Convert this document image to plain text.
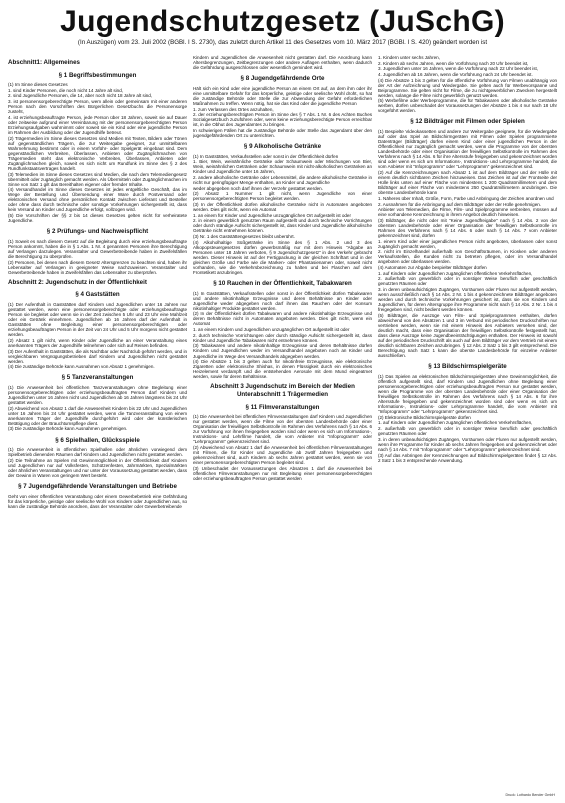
Jugendschutzgesetz (JuSchG)
(In Auszügen) vom 23. Juli 2002 (BGBl. I S. 2730), das zuletzt durch Artikel 11 des Gesetzes vom 10. März 2017 (BGBl. I S. 420) geändert worden ist
Abschnitt1: Allgemeines
§ 1 Begriffsbestimmungen

(1) Im Sinne dieses Gesetzes

1. sind Kinder Personen, die noch nicht 14 Jahre alt sind,

2. sind Jugendliche Personen, die 14, aber noch nicht 18 Jahre alt sind,

3. ist personensorgeberechtigte Person, wem allein oder gemeinsam mit einer anderen Person nach den Vorschriften des Bürgerlichen Gesetzbuchs die Personensorge zusteht,

4. ist erziehungsbeauftragte Person, jede Person über 18 Jahren, soweit sie auf Dauer oder zeitweise aufgrund einer Vereinbarung mit der personensorgeberechtigten Person Erziehungsaufgaben wahrnimmt oder soweit sie ein Kind oder eine jugendliche Person im Rahmen der Ausbildung oder der Jugendhilfe betreut.

(2) Trägermedien im Sinne dieses Gesetzes sind Medien mit Texten, Bildern oder Tönen auf gegenständlichen Trägern, die zur Weitergabe geeignet, zur unmittelbaren Wahrnehmung bestimmt oder in einem Vorführ- oder Spielgerät eingebaut sind. Dem gegenständlichen Verbreiten, Überlassen, Anbieten oder Zugänglichmachen von Trägermedien steht das elektronische Verbreiten, Überlassen, Anbieten oder Zugänglichmachen gleich, soweit es sich nicht um Rundfunk im Sinne des § 2 des Rundfunkstaatsvertrages handelt.

(3) Telemedien im Sinne dieses Gesetzes sind Medien, die nach dem Telemediengesetz übermittelt oder zugänglich gemacht werden. Als Übermitteln oder Zugänglichmachen im Sinne von Satz 1 gilt das Bereithalten eigener oder fremder Inhalte.

(4) Versandhandel im Sinne dieses Gesetzes ist jedes entgeltliche Geschäft, das im Wege der Bestellung und Übersendung einer Ware durch Postversand oder elektronischen Versand ohne persönlichen Kontakt zwischen Lieferant und Besteller oder ohne dass durch technische oder sonstige Vorkehrungen sichergestellt ist, dass kein Versand an Kinder und Jugendliche erfolgt, vollzogen wird.

(5) Die Vorschriften der §§ 2 bis 14 dieses Gesetzes gelten nicht für verheiratete Jugendliche.

§ 2 Prüfungs- und Nachweispflicht

(1) Soweit es nach diesem Gesetz auf die Begleitung durch eine erziehungsbeauftragte Person ankommt, haben die in § 1 Abs. 1 Nr. 4 genannten Personen ihre Berechtigung auf Verlangen darzulegen. Veranstalter und Gewerbetreibende haben in Zweifelsfällen die Berechtigung zu überprüfen.

(2) Personen, bei denen nach diesem Gesetz Altersgrenzen zu beachten sind, haben ihr Lebensalter auf Verlangen in geeigneter Weise nachzuweisen. Veranstalter und Gewerbetreibende haben in Zweifelsfällen das Lebensalter zu überprüfen.

Abschnitt 2: Jugendschutz in der Öffentlichkeit
§ 4 Gaststätten

(1) Der Aufenthalt in Gaststätten darf Kindern und Jugendlichen unter 16 Jahren nur gestattet werden, wenn eine personensorgeberechtigte oder erziehungsbeauftragte Person sie begleitet oder wenn sie in der Zeit zwischen 5 Uhr und 23 Uhr eine Mahlzeit oder ein Getränk einnehmen. Jugendlichen ab 16 Jahren darf der Aufenthalt in Gaststätten ohne Begleitung einer personensorgeberechtigten oder erziehungsbeauftragten Person in der Zeit von 24 Uhr und 5 Uhr morgens nicht gestattet werden.

(2) Absatz 1 gilt nicht, wenn Kinder oder Jugendliche an einer Veranstaltung eines anerkannten Trägers der Jugendhilfe teilnehmen oder sich auf Reisen befinden.

(3) Der Aufenthalt in Gaststätten, die als Nachtbar oder Nachtclub geführt werden, und in vergleichbaren Vergnügungsbetrieben darf Kindern und Jugendlichen nicht gestattet werden.

(4) Die zuständige Behörde kann Ausnahmen von Absatz 1 genehmigen.

§ 5 Tanzveranstaltungen

(1) Die Anwesenheit bei öffentlichen Tanzveranstaltungen ohne Begleitung einer personensorgeberechtigten oder erziehungsbeauftragten Person darf Kindern und Jugendlichen unter 16 Jahren nicht und Jugendlichen ab 16 Jahren längstens bis 24 Uhr gestattet werden.

(2) Abweichend von Absatz 1 darf die Anwesenheit Kindern bis 22 Uhr und Jugendlichen unter 16 Jahren bis 24 Uhr gestattet werden, wenn die Tanzveranstaltung von einem anerkannten Träger der Jugendhilfe durchgeführt wird oder der künstlerischen Betätigung oder der Brauchtumspflege dient.

(3) Die zuständige Behörde kann Ausnahmen genehmigen.

§ 6 Spielhallen, Glücksspiele

(1) Die Anwesenheit in öffentlichen Spielhallen oder ähnlichen vorwiegend dem Spielbetrieb dienenden Räumen darf Kindern und Jugendlichen nicht gestattet werden.

(2) Die Teilnahme an Spielen mit Gewinnmöglichkeit in der Öffentlichkeit darf Kindern und Jugendlichen nur auf Volksfesten, Schützenfesten, Jahrmärkten, Spezialmärkten oder ähnlichen Veranstaltungen und nur unter der Voraussetzung gestattet werden, dass der Gewinn in Waren von geringem Wert besteht.

§ 7 Jugendgefährdende Veranstaltungen und Betriebe

Geht von einer öffentlichen Veranstaltung oder einem Gewerbebetrieb eine Gefährdung für das körperliche, geistige oder seelische Wohl von Kindern oder Jugendlichen aus, so kann die zuständige Behörde anordnen, dass der Veranstalter oder Gewerbetreibende

Kindern und Jugendlichen die Anwesenheit nicht gestatten darf. Die Anordnung kann Altersbegrenzungen, Zeitbegrenzungen oder andere Auflagen enthalten, wenn dadurch die Gefährdung ausgeschlossen oder wesentlich gemindert wird.

§ 8 Jugendgefährdende Orte

Hält sich ein Kind oder eine jugendliche Person an einem Ort auf, an dem ihm oder ihr eine unmittelbare Gefahr für das körperliche, geistige oder seelische Wohl droht, so hat die zuständige Behörde oder Stelle die zur Abwendung der Gefahr erforderlichen Maßnahmen zu treffen. Wenn nötig, hat sie das Kind oder die jugendliche Person

1. zum Verlassen des Ortes anzuhalten,

2. der erziehungsberechtigten Person im Sinne des § 7 Abs. 1 Nr. 6 des Achten Buches Sozialgesetzbuch zuzuführen oder, wenn keine erziehungsberechtigte Person erreichbar ist, in die Obhut des Jugendamtes zu bringen.

In schwierigen Fällen hat die zuständige Behörde oder Stelle das Jugendamt über den jugendgefährdenden Ort zu unterrichten.

§ 9 Alkoholische Getränke

(1) In Gaststätten, Verkaufsstellen oder sonst in der Öffentlichkeit dürfen

1. Bier, Wein, weinähnliche Getränke oder Schaumwein oder Mischungen von Bier, Wein, weinähnlichen Getränken oder Schaumwein mit nicht-alkoholischen Getränken an Kinder und Jugendliche unter 16 Jahren,

2. andere alkoholische Getränke oder Lebensmittel, die andere alkoholische Getränke in nicht nur geringfügiger Menge enthalten, an Kinder und Jugendliche

weder abgegeben noch darf ihnen der Verzehr gestattet werden.

(2) Absatz 1 Nummer 1 gilt nicht, wenn Jugendliche von einer personensorgeberechtigten Person begleitet werden.

(3) In der Öffentlichkeit dürfen alkoholische Getränke nicht in Automaten angeboten werden. Dies gilt nicht, wenn ein Automat

1. an einem für Kinder und Jugendliche unzugänglichen Ort aufgestellt ist oder

2. in einem gewerblich genutzten Raum aufgestellt und durch technische Vorrichtungen oder durch ständige Aufsicht sichergestellt ist, dass Kinder und Jugendliche alkoholische Getränke nicht entnehmen können.

(3) Nr. 1 des Gaststättengesetzes bleibt unberührt.

(4) Alkoholhaltige Süßgetränke im Sinne des § 1 Abs. 2 und 3 des Alkopopsteuergesetzes dürfen gewerbsmäßig nur mit dem Hinweis "Abgabe an Personen unter 18 Jahren verboten, § 9 Jugendschutzgesetz" in den Verkehr gebracht werden. Dieser Hinweis ist auf der Fertigpackung in der gleichen Schriftart und in der gleichen Größe und Farbe wie die Marken- oder Phantasienamen oder, soweit nicht vorhanden, wie die Verkehrsbezeichnung zu halten und bei Flaschen auf dem Frontetikett anzubringen.

§ 10 Rauchen in der Öffentlichkeit, Tabakwaren

(1) In Gaststätten, Verkaufsstellen oder sonst in der Öffentlichkeit dürfen Tabakwaren und andere nikotinhaltige Erzeugnisse und deren Behältnisse an Kinder oder Jugendliche weder abgegeben noch darf ihnen das Rauchen oder der Konsum nikotinhaltiger Produkte gestattet werden.

(2) In der Öffentlichkeit dürfen Tabakwaren und andere nikotinhaltige Erzeugnisse und deren Behältnisse nicht in Automaten angeboten werden. Dies gilt nicht, wenn ein Automat

1. an einem Kindern und Jugendlichen unzugänglichen Ort aufgestellt ist oder

2. durch technische Vorrichtungen oder durch ständige Aufsicht sichergestellt ist, dass Kinder und Jugendliche Tabakwaren nicht entnehmen können.

(3) Tabakwaren und andere nikotinhaltige Erzeugnisse und deren Behältnisse dürfen Kindern und Jugendlichen weder im Versandhandel angeboten noch an Kinder und Jugendliche im Wege des Versandhandels abgegeben werden.

(4) Die Absätze 1 bis 3 gelten auch für nikotinfreie Erzeugnisse, wie elektronische Zigaretten oder elektronische Shishas, in denen Flüssigkeit durch ein elektronisches Heizelement verdampft und die entstehenden Aerosole mit dem Mund eingeatmet werden, sowie für deren Behältnisse.

Abschnitt 3 Jugendschutz im Bereich der Medien
Unterabschnitt 1 Trägermedien
§ 11 Filmveranstaltungen

(1) Die Anwesenheit bei öffentlichen Filmveranstaltungen darf Kindern und Jugendlichen nur gestattet werden, wenn die Filme von der obersten Landesbehörde oder einer Organisation der freiwilligen Selbstkontrolle im Rahmen des Verfahrens nach § 14 Abs. 6 zur Vorführung vor ihnen freigegeben worden sind oder wenn es sich um Informations-, Instruktions- und Lehrfilme handelt, die vom Anbieter mit "Infoprogramm" oder "Lehrprogramm" gekennzeichnet sind.

(2) Abweichend von Absatz 1 darf die Anwesenheit bei öffentlichen Filmveranstaltungen mit Filmen, die für Kinder und Jugendliche ab zwölf Jahren freigegeben und gekennzeichnet sind, auch Kindern ab sechs Jahren gestattet werden, wenn sie von einer personensorgeberechtigten Person begleitet sind.

(3) Unbeschadet der Voraussetzungen des Absatzes 1 darf die Anwesenheit bei öffentlichen Filmveranstaltungen nur mit Begleitung einer personensorgeberechtigten oder erziehungsbeauftragten Person gestattet werden

1. Kindern unter sechs Jahren,

2. Kindern ab sechs Jahren, wenn die Vorführung nach 20 Uhr beendet ist,

3. Jugendlichen unter 16 Jahren, wenn die Vorführung nach 22 Uhr beendet ist,

4. Jugendlichen ab 16 Jahren, wenn die Vorführung nach 24 Uhr beendet ist.

(4) Die Absätze 1 bis 3 gelten für die öffentliche Vorführung von Filmen unabhängig von der Art der Aufzeichnung und Wiedergabe. Sie gelten auch für Werbevorspanne und Beiprogramme. Sie gelten nicht für Filme, die zu nichtgewerblichen Zwecken hergestellt werden, solange die Filme nicht gewerblich genutzt werden.

(5) Werbefilme oder Werbeprogramme, die für Tabakwaren oder alkoholische Getränke werben, dürfen unbeschadet der Voraussetzungen der Absätze 1 bis 4 nur nach 18 Uhr vorgeführt werden.

§ 12 Bildträger mit Filmen oder Spielen

(1) Bespielte Videokassetten und andere zur Weitergabe geeignete, für die Wiedergabe auf oder das Spiel an Bildschirmgeräten mit Filmen oder Spielen programmierte Datenträger (Bildträger) dürfen einem Kind oder einer jugendlichen Person in der Öffentlichkeit nur zugänglich gemacht werden, wenn die Programme von der obersten Landesbehörde oder einer Organisation der freiwilligen Selbstkontrolle im Rahmen des Verfahrens nach § 14 Abs. 6 für ihre Altersstufe freigegeben und gekennzeichnet worden sind oder wenn es sich um Informations-, Instruktions- und Lehrprogramme handelt, die vom Anbieter mit "Infoprogramm" oder "Lehrprogramm" gekennzeichnet sind.

(2) Auf die Kennzeichnungen nach Absatz 1 ist auf dem Bildträger und der Hülle mit einem deutlich sichtbaren Zeichen hinzuweisen. Das Zeichen ist auf der Frontseite der Hülle links unten auf einer Fläche von mindestens 1 200 Quadratmillimetern und dem Bildträger auf einer Fläche von mindestens 250 Quadratmillimetern anzubringen. Die oberste Landesbehörde kann

1. Näheres über Inhalt, Größe, Form, Farbe und Anbringung der Zeichen anordnen und

2. Ausnahmen für die Anbringung auf dem Bildträger oder der Hülle genehmigen.

Anbieter von Telemedien, die Filme, Film- und Spielprogramme verbreiten, müssen auf eine vorhandene Kennzeichnung in ihrem Angebot deutlich hinweisen.

(3) Bildträger, die nicht oder mit "Keine Jugendfreigabe" nach § 14 Abs. 2 von der obersten Landesbehörde oder einer Organisation der freiwilligen Selbstkontrolle im Rahmen des Verfahrens nach § 14 Abs. 6 oder nach § 14 Abs. 7 vom Anbieter gekennzeichnet sind, dürfen

1. einem Kind oder einer jugendlichen Person nicht angeboten, überlassen oder sonst zugänglich gemacht werden,

2. nicht im Einzelhandel außerhalb von Geschäftsräumen, in Kiosken oder anderen Verkaufsstellen, die Kunden nicht zu betreten pflegen, oder im Versandhandel angeboten oder überlassen werden.

(4) Automaten zur Abgabe bespielter Bildträger dürfen

1. auf Kindern oder Jugendlichen zugänglichen öffentlichen Verkehrsflächen,

2. außerhalb von gewerblich oder in sonstiger Weise beruflich oder geschäftlich genutzten Räumen oder

3. in deren unbeaufsichtigten Zugängen, Vorräumen oder Fluren nur aufgestellt werden, wenn ausschließlich nach § 14 Abs. 2 Nr. 1 bis 4 gekennzeichnete Bildträger angeboten werden und durch technische Vorkehrungen gesichert ist, dass sie von Kindern und Jugendlichen, für deren Altersgruppe ihre Programme nicht nach § 14 Abs. 2 Nr. 1 bis 4 freigegeben sind, nicht bedient werden können.

(5) Bildträger, die Auszüge von Film- und Spielprogrammen enthalten, dürfen abweichend von den Absätzen 1 und 3 im Verbund mit periodischen Druckschriften nur vertrieben werden, wenn sie mit einem Hinweis des Anbieters versehen sind, der deutlich macht, dass eine Organisation der freiwilligen Selbstkontrolle festgestellt hat, dass diese Auszüge keine Jugendbeeinträchtigungen enthalten. Der Hinweis ist sowohl auf der periodischen Druckschrift als auch auf dem Bildträger vor dem Vertrieb mit einem deutlich sichtbaren Zeichen anzubringen. § 12 Abs. 2 Satz 1 bis 3 gilt entsprechend. Die Berechtigung nach Satz 1 kann die oberste Landesbehörde für einzelne Anbieter ausschließen.

§ 13 Bildschirmspielgeräte

(1) Das Spielen an elektronischen Bildschirmspielgeräten ohne Gewinnmöglichkeit, die öffentlich aufgestellt sind, darf Kindern und Jugendlichen ohne Begleitung einer personensorgeberechtigten oder erziehungsbeauftragten Person nur gestattet werden, wenn die Programme von der obersten Landesbehörde oder einer Organisation der freiwilligen Selbstkontrolle im Rahmen des Verfahrens nach § 14 Abs. 6 für ihre Altersstufe freigegeben und gekennzeichnet worden sind oder wenn es sich um Informations-, Instruktions- oder Lehrprogramme handelt, die vom Anbieter mit "Infoprogramm" oder "Lehrprogramm" gekennzeichnet sind.

(2) Elektronische Bildschirmspielgeräte dürfen

1. auf Kindern oder Jugendlichen zugänglichen öffentlichen Verkehrsflächen,

2. außerhalb von gewerblich oder in sonstiger Weise beruflich oder geschäftlich genutzten Räumen oder

3. in deren unbeaufsichtigten Zugängen, Vorräumen oder Fluren nur aufgestellt werden, wenn ihre Programme für Kinder ab sechs Jahren freigegeben und gekennzeichnet oder nach § 14 Abs. 7 mit "Infoprogramm" oder "Lehrprogramm" gekennzeichnet sind.

(3) Auf das Anbringen der Kennzeichnungen auf Bildschirmspielgeräten findet § 12 Abs. 2 Satz 1 bis 3 entsprechende Anwendung.

Druck: Lothardo Bender GmbH
